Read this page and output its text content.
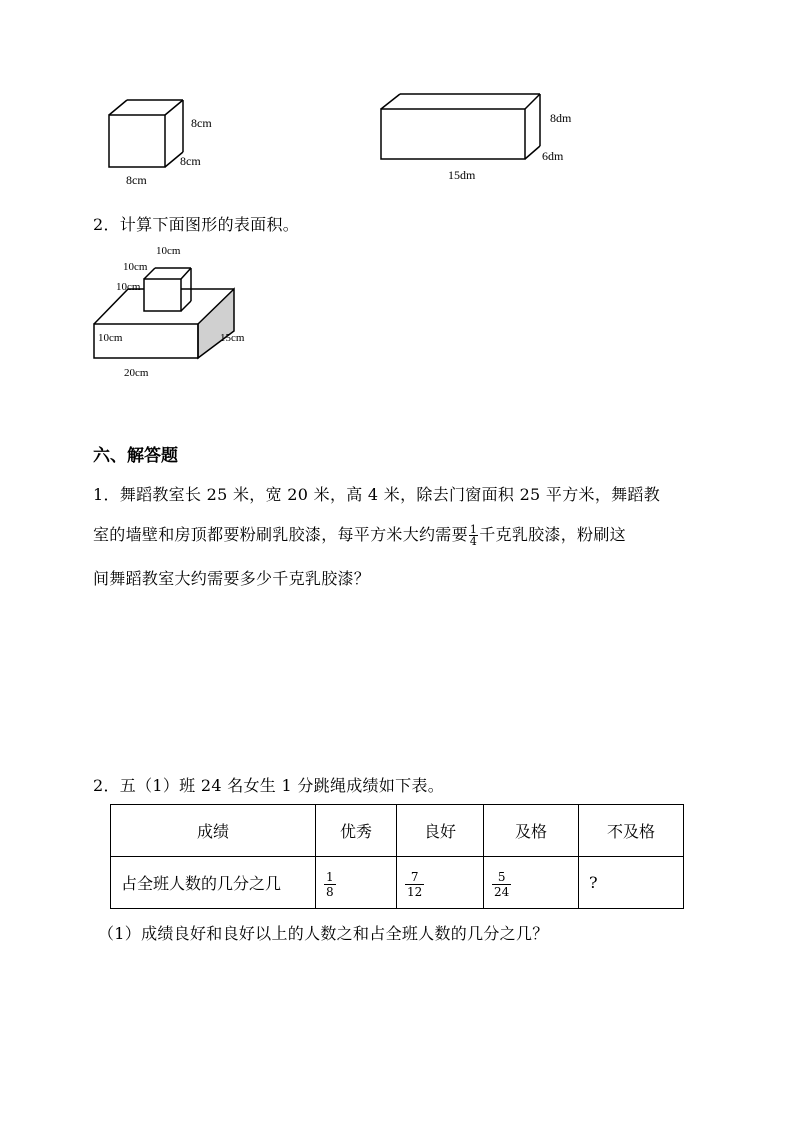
8cm
8cm
8cm
8dm
6dm
15dm
2．计算下面图形的表面积。
10cm
10cm
10cm
10cm	15cm
20cm
六、解答题
1．舞蹈教室长 25 米，宽 20 米，高 4 米，除去门窗面积 25 平方米，舞蹈教
室的墙壁和房顶都要粉刷乳胶漆，每平方米大约需要 $\frac{1}{4}$ 千克乳胶漆，粉刷这
间舞蹈教室大约需要多少千克乳胶漆？
2．五（1）班 24 名女生 1 分跳绳成绩如下表。
成绩	优秀	良好	及格	不及格
占全班人数的几分之几	$\frac{1}{8}$	$\frac{7}{12}$	$\frac{5}{24}$	?
（1）成绩良好和良好以上的人数之和占全班人数的几分之几？
